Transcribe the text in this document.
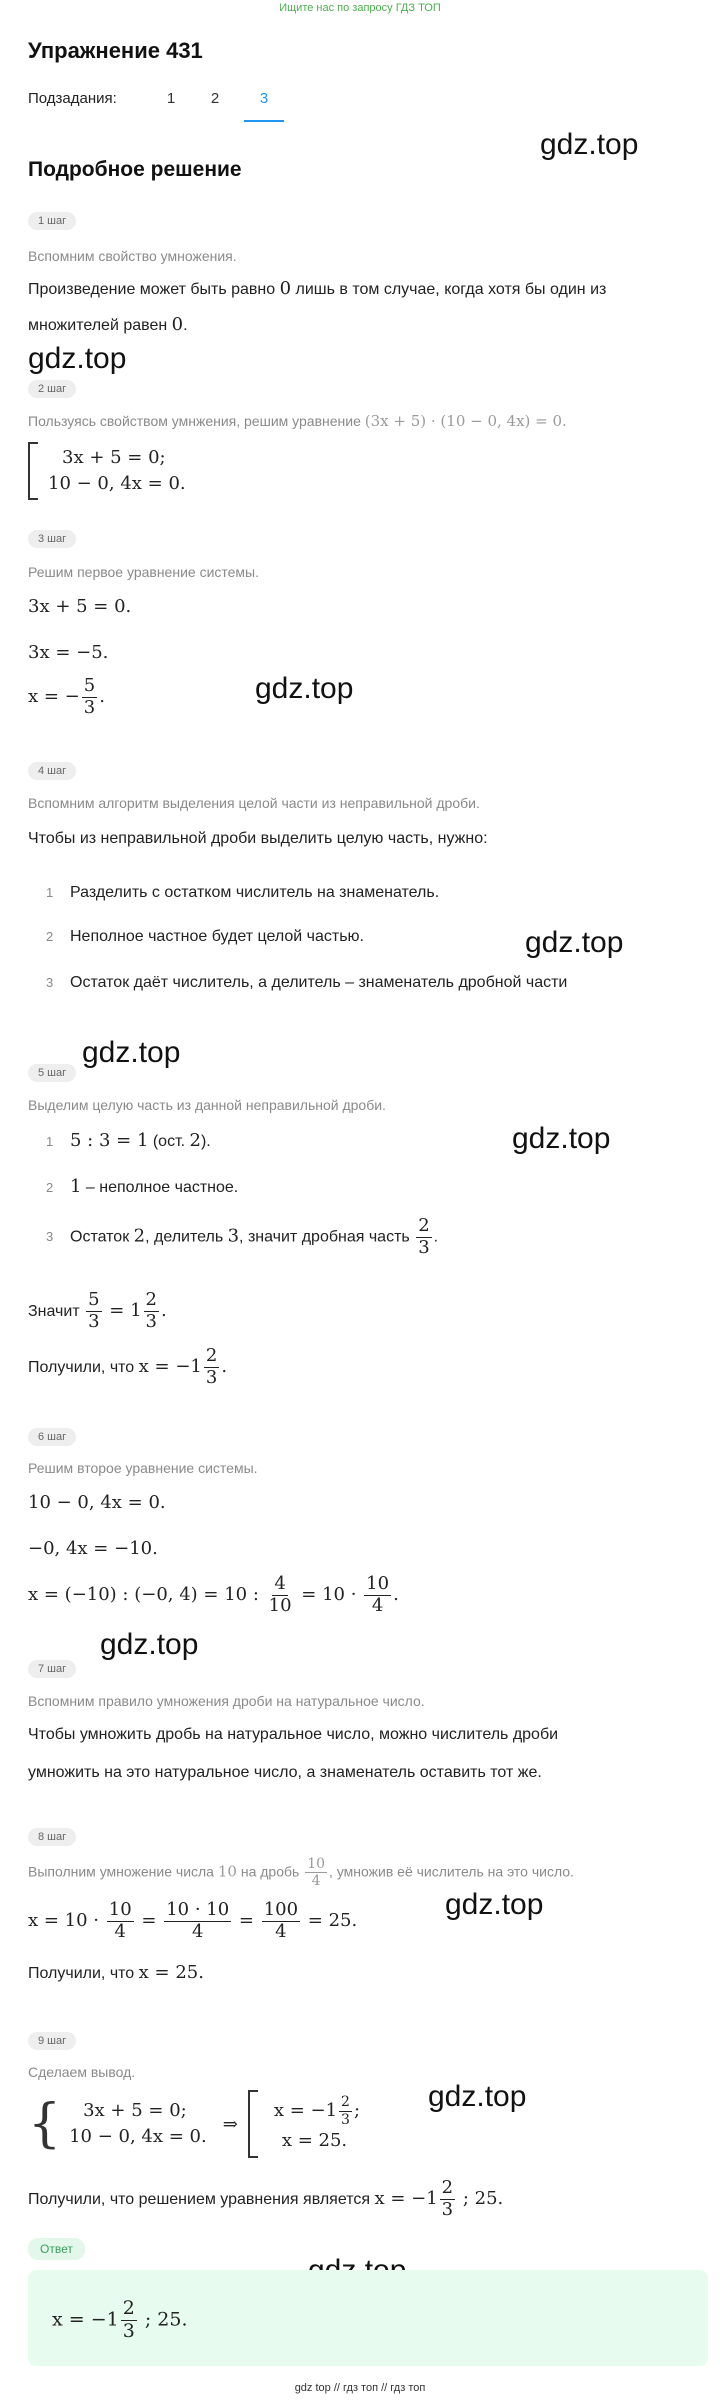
Ищите нас по запросу ГДЗ ТОП
Упражнение 431
Подзадания:	1	2	3
Подробное решение
gdz.top
gdz.top
gdz.top
gdz.top
gdz.top
gdz.top
gdz.top
gdz.top
gdz.top
1 шаг
Вспомним свойство умножения.
Произведение может быть равно 0 лишь в том случае, когда хотя бы один из
множителей равен 0.
2 шаг
Пользуясь свойством умнжения, решим уравнение (3x + 5) · (10 − 0, 4x) = 0.
3x + 5 = 0;
10 − 0, 4x = 0.
3 шаг
Решим первое уравнение системы.
3x + 5 = 0.
3x = −5.
x = − $\frac{5}{3}$ .
4 шаг
Вспомним алгоритм выделения целой части из неправильной дроби.
Чтобы из неправильной дроби выделить целую часть, нужно:
1 Разделить с остатком числитель на знаменатель.
2 Неполное частное будет целой частью.
3 Остаток даёт числитель, а делитель – знаменатель дробной части
5 шаг
Выделим целую часть из данной неправильной дроби.
1 5 : 3 = 1 (ост. 2).
2 1 – неполное частное.
3 Остаток 2, делитель 3, значит дробная часть $\frac{2}{3}$ .
Значит $\frac{5}{3} = 1 \frac{2}{3}$ .
Получили, что $x = -1 \frac{2}{3}$ .
6 шаг
Решим второе уравнение системы.
10 − 0, 4x = 0.
−0, 4x = −10.
x = (−10) : (−0, 4) = 10 : $\frac{4}{10} = 10 \cdot \frac{10}{4}$ .
7 шаг
Вспомним правило умножения дроби на натуральное число.
Чтобы умножить дробь на натуральное число, можно числитель дроби
умножить на это натуральное число, а знаменатель оставить тот же.
8 шаг
Выполним умножение числа 10 на дробь $\frac{10}{4}$ , умножив её числитель на это число.
$x = 10 \cdot \frac{10}{4} = \frac{10 \cdot 10}{4} = \frac{100}{4} = 25$.
Получили, что x = 25.
9 шаг
Сделаем вывод.
{	3x + 5 = 0;
10 − 0, 4x = 0.
⇒
$x = -1 \frac{2}{3}$ ;
x = 25.
Получили, что решением уравнения является $x = -1 \frac{2}{3}$ ; 25.
Ответ
$x = -1 \frac{2}{3}$ ; 25.
gdz top // гдз топ // гдз топ
